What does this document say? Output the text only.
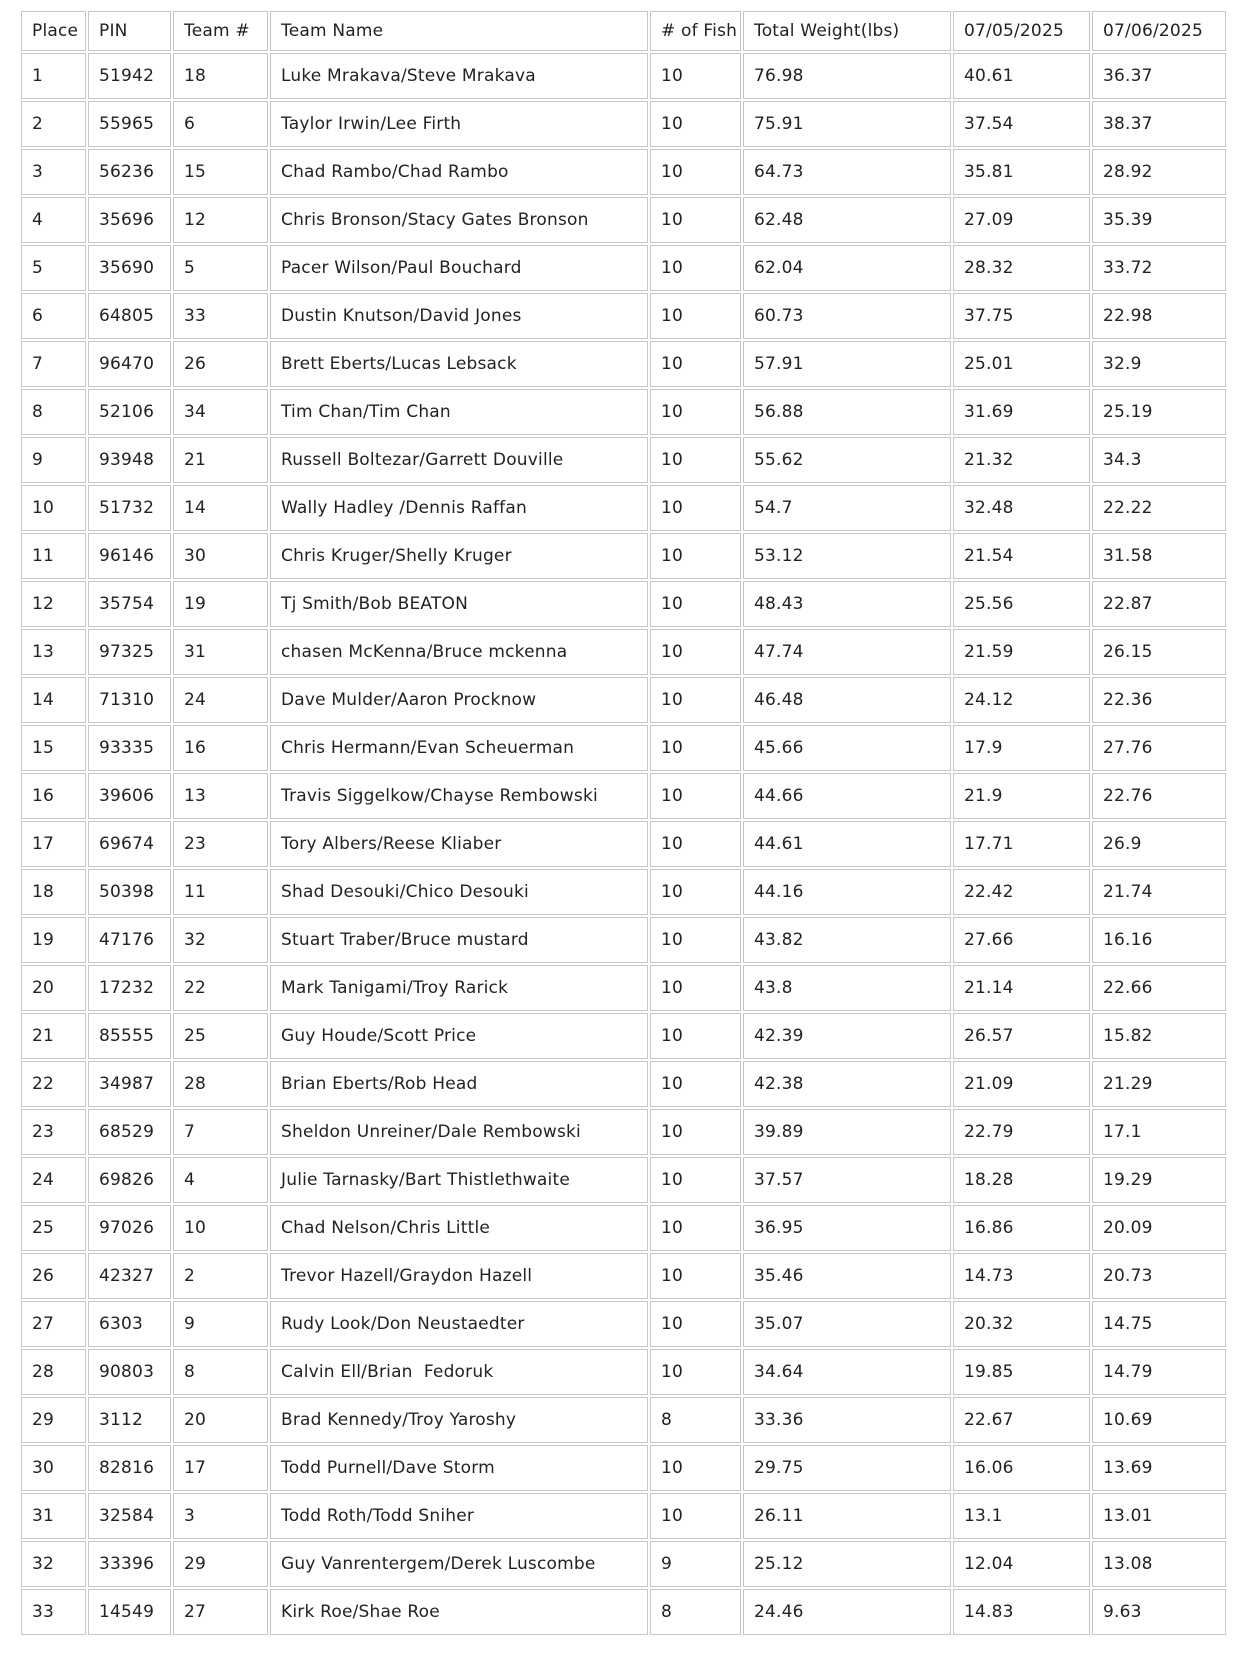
Place	PIN	Team #	Team Name	# of Fish	Total Weight(lbs)	07/05/2025	07/06/2025
1	51942	18	Luke Mrakava/Steve Mrakava	10	76.98	40.61	36.37
2	55965	6	Taylor Irwin/Lee Firth	10	75.91	37.54	38.37
3	56236	15	Chad Rambo/Chad Rambo	10	64.73	35.81	28.92
4	35696	12	Chris Bronson/Stacy Gates Bronson	10	62.48	27.09	35.39
5	35690	5	Pacer Wilson/Paul Bouchard	10	62.04	28.32	33.72
6	64805	33	Dustin Knutson/David Jones	10	60.73	37.75	22.98
7	96470	26	Brett Eberts/Lucas Lebsack	10	57.91	25.01	32.9
8	52106	34	Tim Chan/Tim Chan	10	56.88	31.69	25.19
9	93948	21	Russell Boltezar/Garrett Douville	10	55.62	21.32	34.3
10	51732	14	Wally Hadley /Dennis Raffan	10	54.7	32.48	22.22
11	96146	30	Chris Kruger/Shelly Kruger	10	53.12	21.54	31.58
12	35754	19	Tj Smith/Bob BEATON	10	48.43	25.56	22.87
13	97325	31	chasen McKenna/Bruce mckenna	10	47.74	21.59	26.15
14	71310	24	Dave Mulder/Aaron Procknow	10	46.48	24.12	22.36
15	93335	16	Chris Hermann/Evan Scheuerman	10	45.66	17.9	27.76
16	39606	13	Travis Siggelkow/Chayse Rembowski	10	44.66	21.9	22.76
17	69674	23	Tory Albers/Reese Kliaber	10	44.61	17.71	26.9
18	50398	11	Shad Desouki/Chico Desouki	10	44.16	22.42	21.74
19	47176	32	Stuart Traber/Bruce mustard	10	43.82	27.66	16.16
20	17232	22	Mark Tanigami/Troy Rarick	10	43.8	21.14	22.66
21	85555	25	Guy Houde/Scott Price	10	42.39	26.57	15.82
22	34987	28	Brian Eberts/Rob Head	10	42.38	21.09	21.29
23	68529	7	Sheldon Unreiner/Dale Rembowski	10	39.89	22.79	17.1
24	69826	4	Julie Tarnasky/Bart Thistlethwaite	10	37.57	18.28	19.29
25	97026	10	Chad Nelson/Chris Little	10	36.95	16.86	20.09
26	42327	2	Trevor Hazell/Graydon Hazell	10	35.46	14.73	20.73
27	6303	9	Rudy Look/Don Neustaedter	10	35.07	20.32	14.75
28	90803	8	Calvin Ell/Brian  Fedoruk	10	34.64	19.85	14.79
29	3112	20	Brad Kennedy/Troy Yaroshy	8	33.36	22.67	10.69
30	82816	17	Todd Purnell/Dave Storm	10	29.75	16.06	13.69
31	32584	3	Todd Roth/Todd Sniher	10	26.11	13.1	13.01
32	33396	29	Guy Vanrentergem/Derek Luscombe	9	25.12	12.04	13.08
33	14549	27	Kirk Roe/Shae Roe	8	24.46	14.83	9.63
